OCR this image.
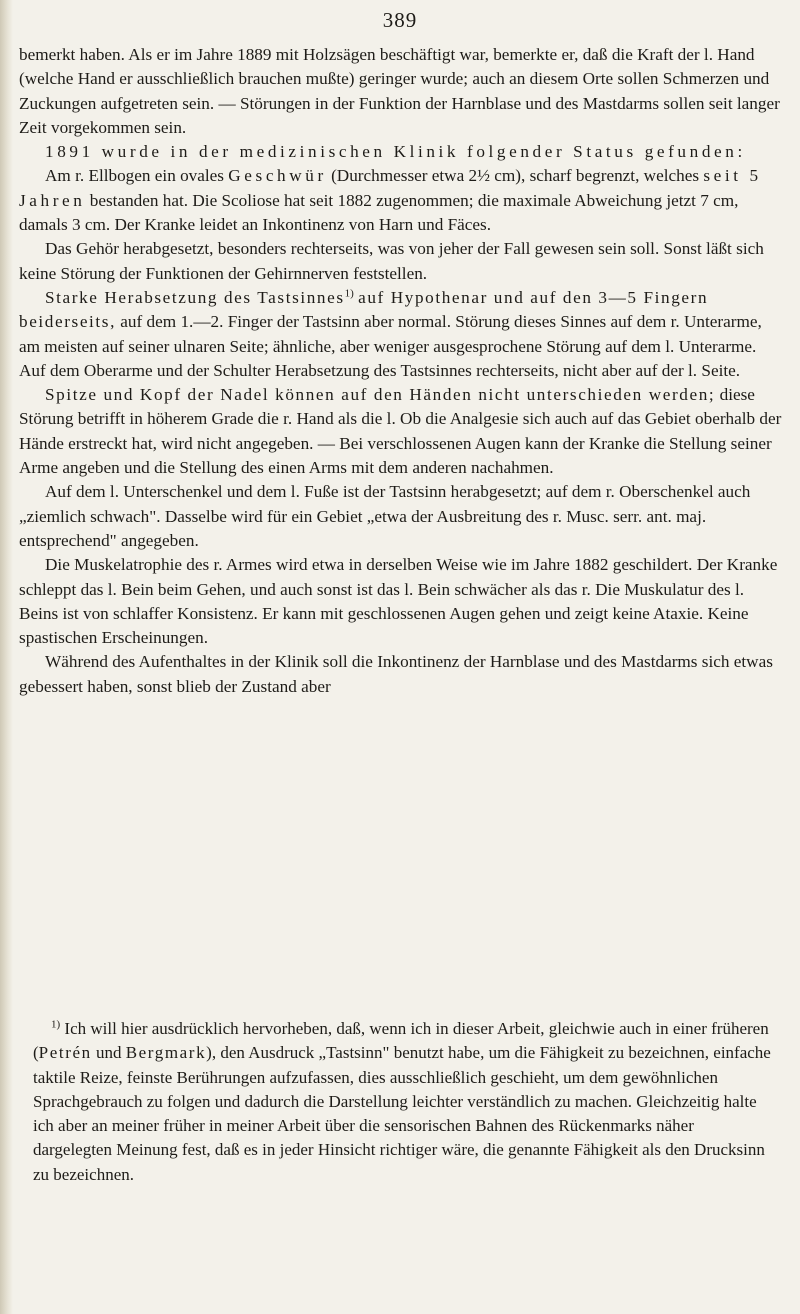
389

bemerkt haben. Als er im Jahre 1889 mit Holzsägen beschäftigt war, bemerkte er, daß die Kraft der l. Hand (welche Hand er ausschließlich brauchen mußte) geringer wurde; auch an diesem Orte sollen Schmerzen und Zuckungen aufgetreten sein. — Störungen in der Funktion der Harnblase und des Mastdarms sollen seit langer Zeit vorgekommen sein.

1891 wurde in der medizinischen Klinik folgender Status gefunden:

Am r. Ellbogen ein ovales Geschwür (Durchmesser etwa 2½ cm), scharf begrenzt, welches seit 5 Jahren bestanden hat. Die Scoliose hat seit 1882 zugenommen; die maximale Abweichung jetzt 7 cm, damals 3 cm. Der Kranke leidet an Inkontinenz von Harn und Fäces.

Das Gehör herabgesetzt, besonders rechterseits, was von jeher der Fall gewesen sein soll. Sonst läßt sich keine Störung der Funktionen der Gehirnnerven feststellen.

Starke Herabsetzung des Tastsinnes$^{1)}$ auf Hypothenar und auf den 3—5 Fingern beiderseits, auf dem 1.—2. Finger der Tastsinn aber normal. Störung dieses Sinnes auf dem r. Unterarme, am meisten auf seiner ulnaren Seite; ähnliche, aber weniger ausgesprochene Störung auf dem l. Unterarme. Auf dem Oberarme und der Schulter Herabsetzung des Tastsinnes rechterseits, nicht aber auf der l. Seite.

Spitze und Kopf der Nadel können auf den Händen nicht unterschieden werden; diese Störung betrifft in höherem Grade die r. Hand als die l. Ob die Analgesie sich auch auf das Gebiet oberhalb der Hände erstreckt hat, wird nicht angegeben. — Bei verschlossenen Augen kann der Kranke die Stellung seiner Arme angeben und die Stellung des einen Arms mit dem anderen nachahmen.

Auf dem l. Unterschenkel und dem l. Fuße ist der Tastsinn herabgesetzt; auf dem r. Oberschenkel auch „ziemlich schwach". Dasselbe wird für ein Gebiet „etwa der Ausbreitung des r. Musc. serr. ant. maj. entsprechend" angegeben.

Die Muskelatrophie des r. Armes wird etwa in derselben Weise wie im Jahre 1882 geschildert. Der Kranke schleppt das l. Bein beim Gehen, und auch sonst ist das l. Bein schwächer als das r. Die Muskulatur des l. Beins ist von schlaffer Konsistenz. Er kann mit geschlossenen Augen gehen und zeigt keine Ataxie. Keine spastischen Erscheinungen.

Während des Aufenthaltes in der Klinik soll die Inkontinenz der Harnblase und des Mastdarms sich etwas gebessert haben, sonst blieb der Zustand aber

$^{1)}$ Ich will hier ausdrücklich hervorheben, daß, wenn ich in dieser Arbeit, gleichwie auch in einer früheren (Petrén und Bergmark), den Ausdruck „Tastsinn" benutzt habe, um die Fähigkeit zu bezeichnen, einfache taktile Reize, feinste Berührungen aufzufassen, dies ausschließlich geschieht, um dem gewöhnlichen Sprachgebrauch zu folgen und dadurch die Darstellung leichter verständlich zu machen. Gleichzeitig halte ich aber an meiner früher in meiner Arbeit über die sensorischen Bahnen des Rückenmarks näher dargelegten Meinung fest, daß es in jeder Hinsicht richtiger wäre, die genannte Fähigkeit als den Drucksinn zu bezeichnen.
